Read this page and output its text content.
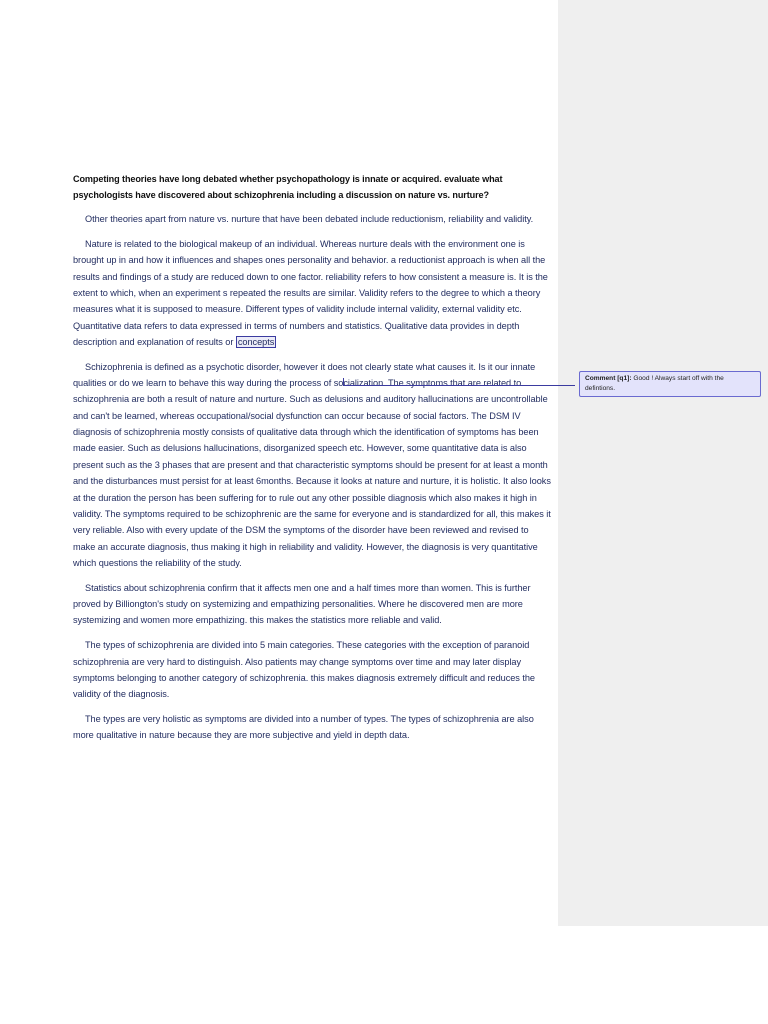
Competing theories have long debated whether psychopathology is innate or acquired. evaluate what psychologists have discovered about schizophrenia including a discussion on nature vs. nurture?

Other theories apart from nature vs. nurture that have been debated include reductionism, reliability and validity.

Nature is related to the biological makeup of an individual. Whereas nurture deals with the environment one is brought up in and how it influences and shapes ones personality and behavior. a reductionist approach is when all the results and findings of a study are reduced down to one factor. reliability refers to how consistent a measure is. It is the extent to which, when an experiment s repeated the results are similar. Validity refers to the degree to which a theory measures what it is supposed to measure. Different types of validity include internal validity, external validity etc. Quantitative data refers to data expressed in terms of numbers and statistics. Qualitative data provides in depth description and explanation of results or concepts

Schizophrenia is defined as a psychotic disorder, however it does not clearly state what causes it. Is it our innate qualities or do we learn to behave this way during the process of socialization. The symptoms that are related to schizophrenia are both a result of nature and nurture. Such as delusions and auditory hallucinations are uncontrollable and can't be learned, whereas occupational/social dysfunction can occur because of social factors. The DSM IV diagnosis of schizophrenia mostly consists of qualitative data through which the identification of symptoms has been made easier. Such as delusions hallucinations, disorganized speech etc. However, some quantitative data is also present such as the 3 phases that are present and that characteristic symptoms should be present for at least a month and the disturbances must persist for at least 6months. Because it looks at nature and nurture, it is holistic. It also looks at the duration the person has been suffering for to rule out any other possible diagnosis which also makes it high in validity. The symptoms required to be schizophrenic are the same for everyone and is standardized for all, this makes it very reliable. Also with every update of the DSM the symptoms of the disorder have been reviewed and revised to make an accurate diagnosis, thus making it high in reliability and validity. However, the diagnosis is very quantitative which questions the reliability of the study.

Statistics about schizophrenia confirm that it affects men one and a half times more than women. This is further proved by Billiongton's study on systemizing and empathizing personalities. Where he discovered men are more systemizing and women more empathizing. this makes the statistics more reliable and valid.

The types of schizophrenia are divided into 5 main categories. These categories with the exception of paranoid schizophrenia are very hard to distinguish. Also patients may change symptoms over time and may later display symptoms belonging to another category of schizophrenia. this makes diagnosis extremely difficult and reduces the validity of the diagnosis.

The types are very holistic as symptoms are divided into a number of types. The types of schizophrenia are also more qualitative in nature because they are more subjective and yield in depth data.

Comment [q1]: Good ! Always start off with the defintions.
